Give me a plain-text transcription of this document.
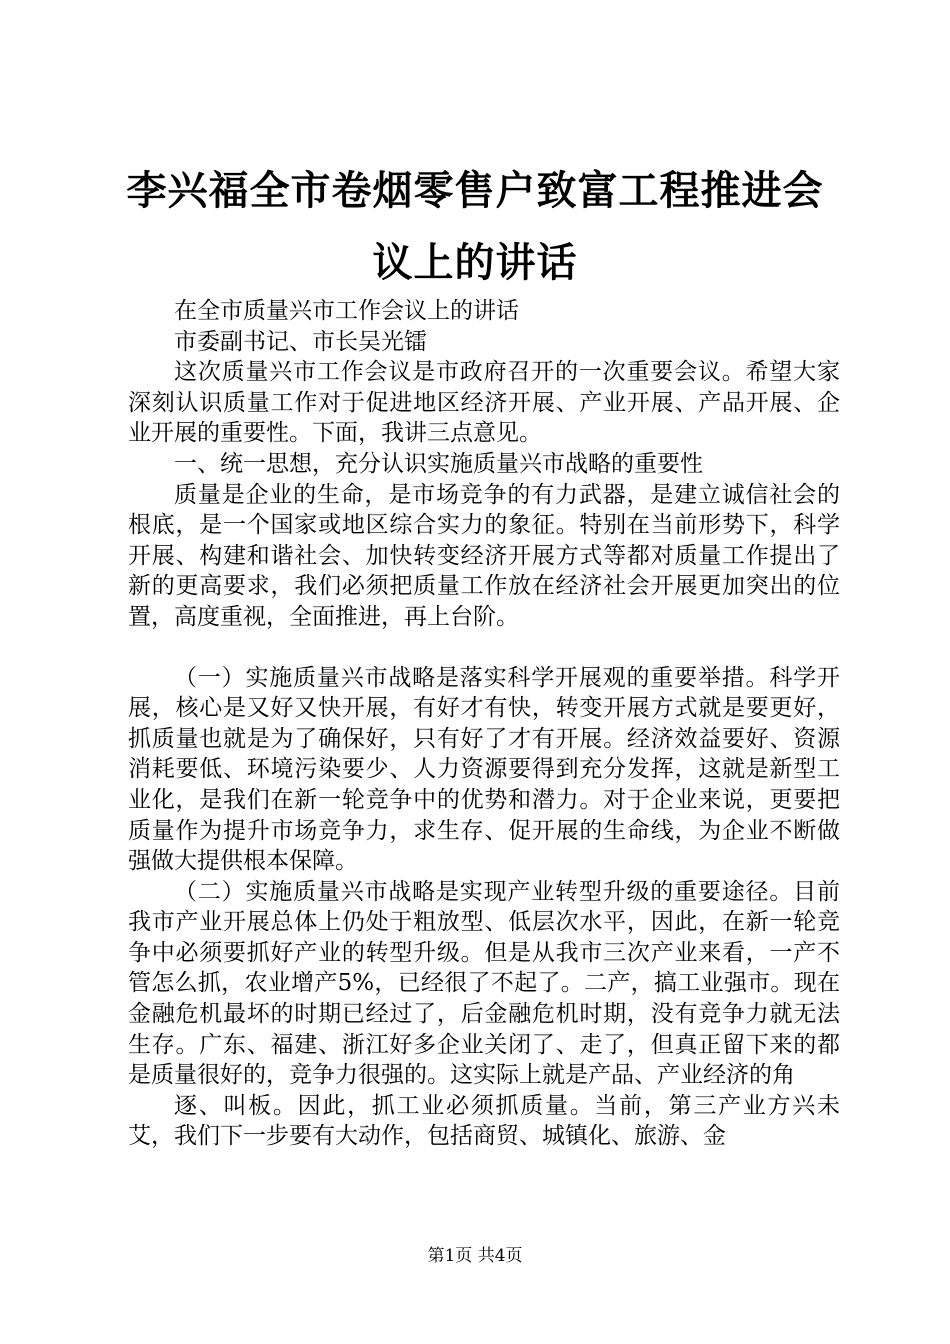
李兴福全市卷烟零售户致富工程推进会议上的讲话

在全市质量兴市工作会议上的讲话

市委副书记、市长吴光镭

这次质量兴市工作会议是市政府召开的一次重要会议。希望大家深刻认识质量工作对于促进地区经济开展、产业开展、产品开展、企业开展的重要性。下面，我讲三点意见。

一、统一思想，充分认识实施质量兴市战略的重要性

质量是企业的生命，是市场竞争的有力武器，是建立诚信社会的根底，是一个国家或地区综合实力的象征。特别在当前形势下，科学开展、构建和谐社会、加快转变经济开展方式等都对质量工作提出了新的更高要求，我们必须把质量工作放在经济社会开展更加突出的位置，高度重视，全面推进，再上台阶。

（一）实施质量兴市战略是落实科学开展观的重要举措。科学开展，核心是又好又快开展，有好才有快，转变开展方式就是要更好，抓质量也就是为了确保好，只有好了才有开展。经济效益要好、资源消耗要低、环境污染要少、人力资源要得到充分发挥，这就是新型工业化，是我们在新一轮竞争中的优势和潜力。对于企业来说，更要把质量作为提升市场竞争力，求生存、促开展的生命线，为企业不断做强做大提供根本保障。

（二）实施质量兴市战略是实现产业转型升级的重要途径。目前我市产业开展总体上仍处于粗放型、低层次水平，因此，在新一轮竞争中必须要抓好产业的转型升级。但是从我市三次产业来看，一产不管怎么抓，农业增产5%，已经很了不起了。二产，搞工业强市。现在金融危机最坏的时期已经过了，后金融危机时期，没有竞争力就无法生存。广东、福建、浙江好多企业关闭了、走了，但真正留下来的都是质量很好的，竞争力很强的。这实际上就是产品、产业经济的角

逐、叫板。因此，抓工业必须抓质量。当前，第三产业方兴未艾，我们下一步要有大动作，包括商贸、城镇化、旅游、金

第1页 共4页
